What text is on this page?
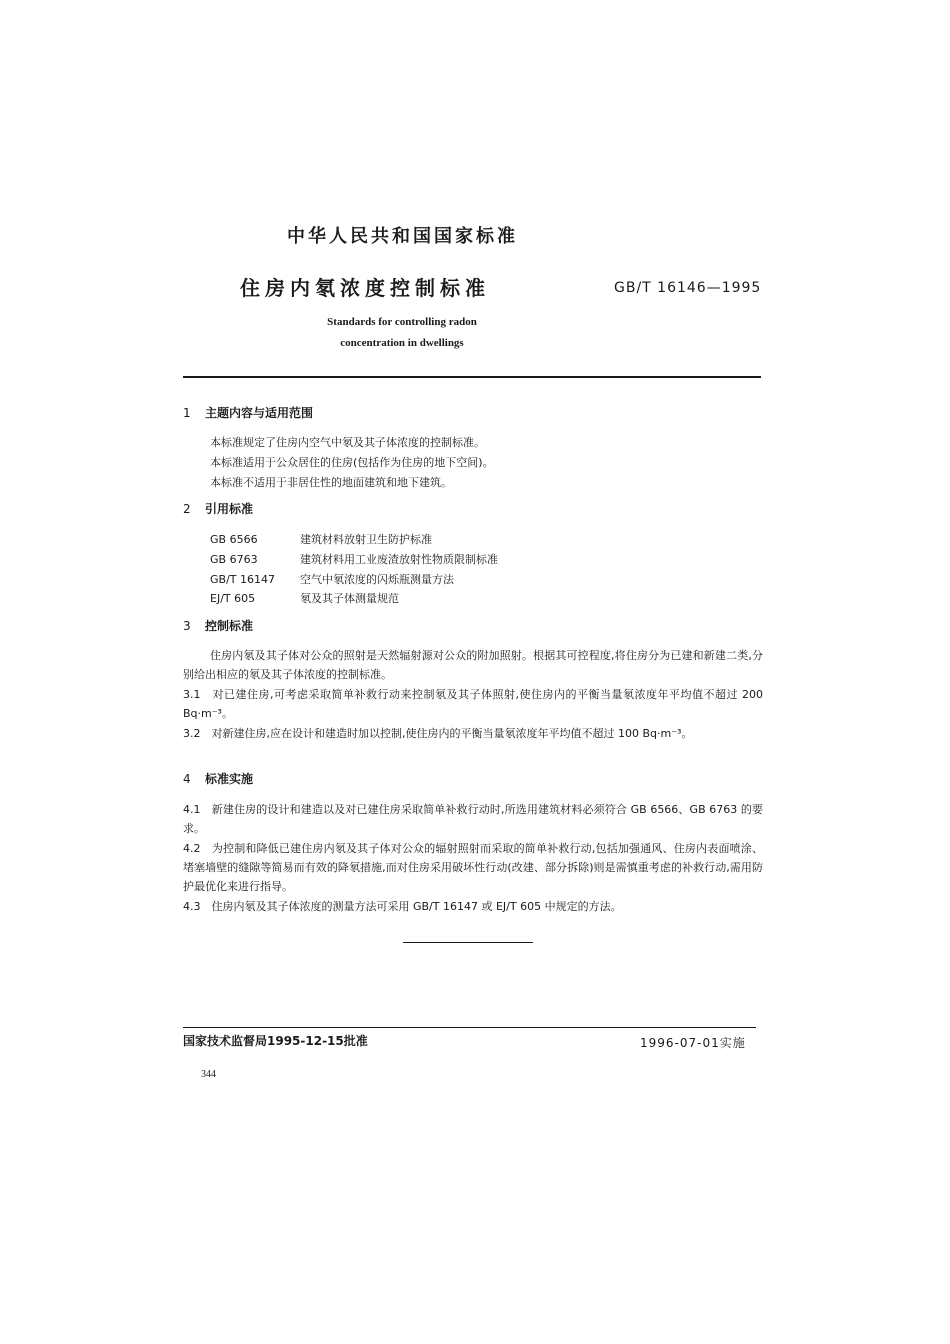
中华人民共和国国家标准
住房内氡浓度控制标准	GB/T 16146—1995
Standards for controlling radon
concentration in dwellings
1 主题内容与适用范围
本标准规定了住房内空气中氡及其子体浓度的控制标准。
本标准适用于公众居住的住房(包括作为住房的地下空间)。
本标准不适用于非居住性的地面建筑和地下建筑。
2 引用标准
GB 6566	建筑材料放射卫生防护标准
GB 6763	建筑材料用工业废渣放射性物质限制标准
GB/T 16147 空气中氡浓度的闪烁瓶测量方法
EJ/T 605	氡及其子体测量规范
3 控制标准
住房内氡及其子体对公众的照射是天然辐射源对公众的附加照射。根据其可控程度,将住房分为已建和新建二类,分别给出相应的氡及其子体浓度的控制标准。
3.1　对已建住房,可考虑采取简单补救行动来控制氡及其子体照射,使住房内的平衡当量氡浓度年平均值不超过 200 Bq·m⁻³。
3.2　对新建住房,应在设计和建造时加以控制,使住房内的平衡当量氡浓度年平均值不超过 100 Bq·m⁻³。
4 标准实施
4.1　新建住房的设计和建造以及对已建住房采取简单补救行动时,所选用建筑材料必须符合 GB 6566、GB 6763 的要求。
4.2　为控制和降低已建住房内氡及其子体对公众的辐射照射而采取的简单补救行动,包括加强通风、住房内表面喷涂、堵塞墙壁的缝隙等简易而有效的降氡措施,而对住房采用破坏性行动(改建、部分拆除)则是需慎重考虑的补救行动,需用防护最优化来进行指导。
4.3　住房内氡及其子体浓度的测量方法可采用 GB/T 16147 或 EJ/T 605 中规定的方法。
国家技术监督局1995-12-15批准	1996-07-01实施
344
